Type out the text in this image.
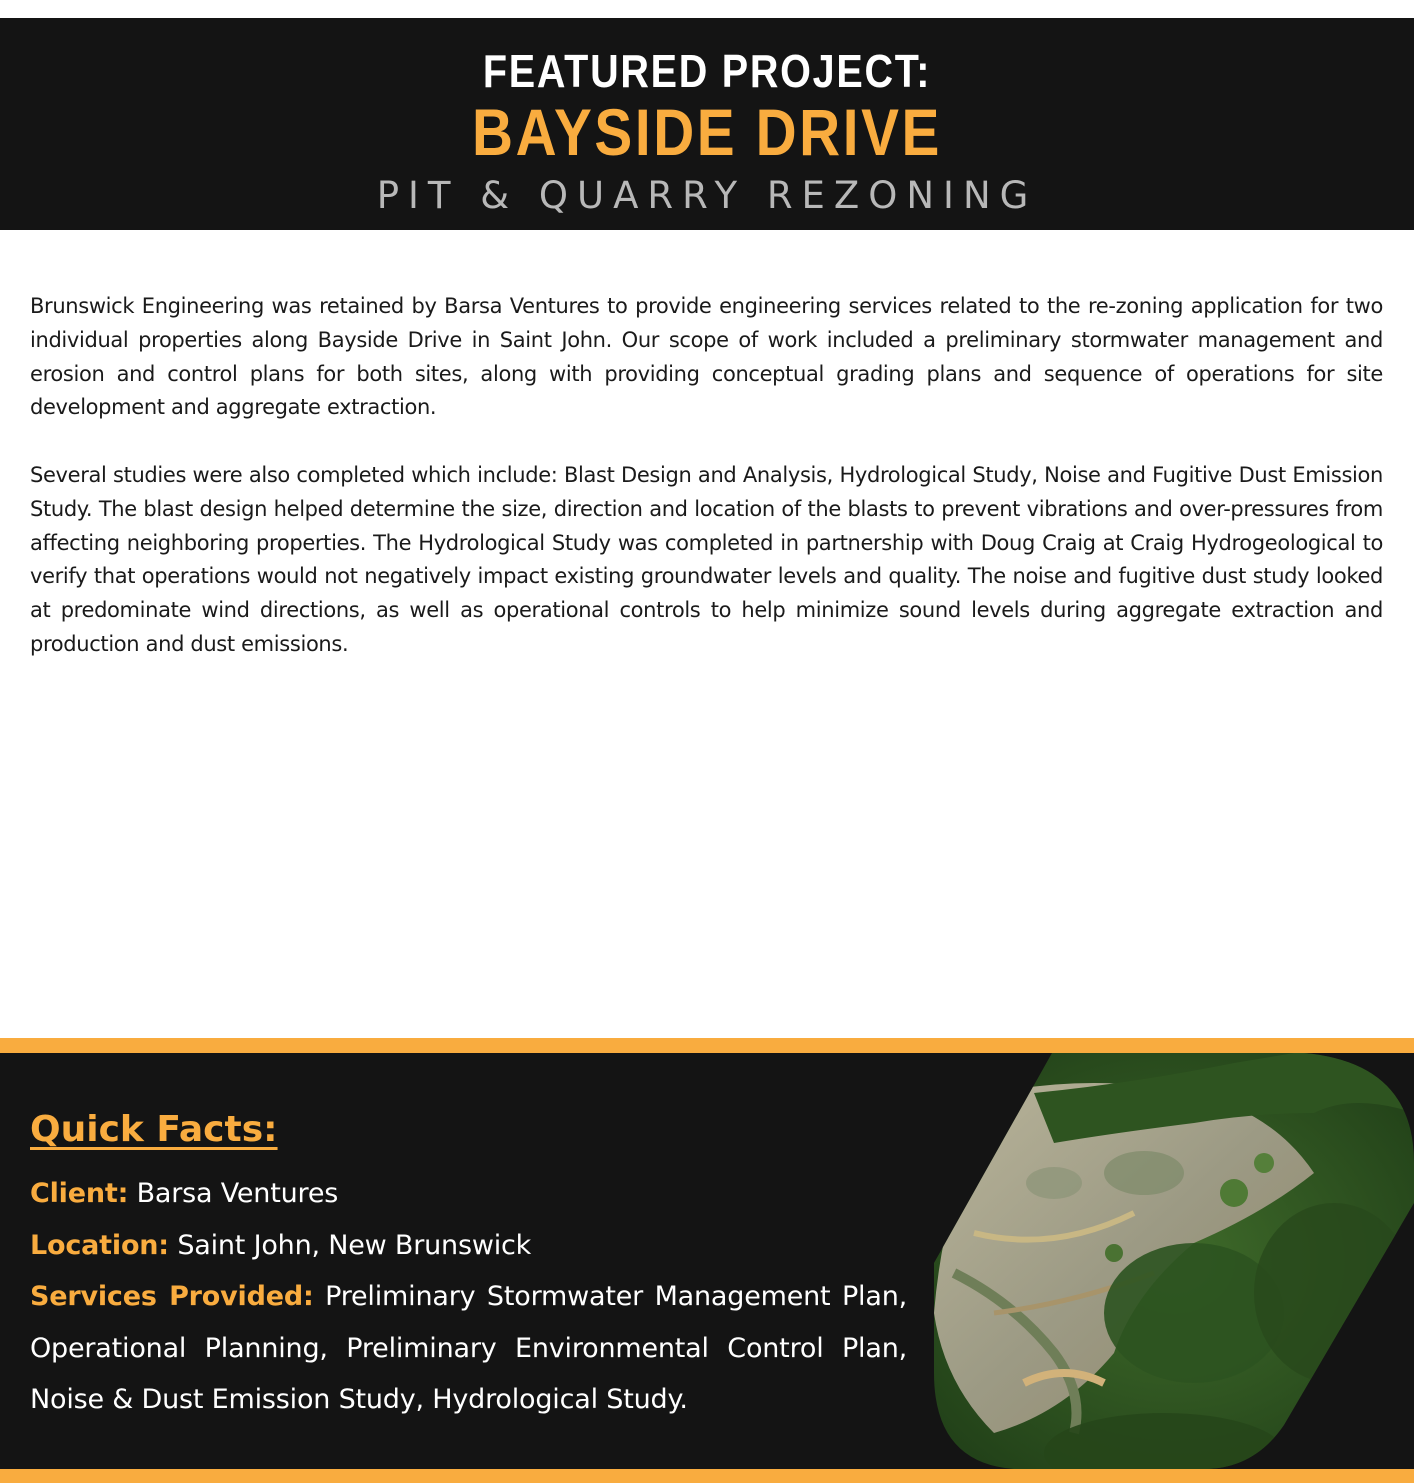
FEATURED PROJECT:
BAYSIDE DRIVE
PIT & QUARRY REZONING

Brunswick Engineering was retained by Barsa Ventures to provide engineering services related to the re-zoning application for two individual properties along Bayside Drive in Saint John. Our scope of work included a preliminary stormwater management and erosion and control plans for both sites, along with providing conceptual grading plans and sequence of operations for site development and aggregate extraction.

Several studies were also completed which include: Blast Design and Analysis, Hydrological Study, Noise and Fugitive Dust Emission Study. The blast design helped determine the size, direction and location of the blasts to prevent vibrations and over-pressures from affecting neighboring properties. The Hydrological Study was completed in partnership with Doug Craig at Craig Hydrogeological to verify that operations would not negatively impact existing groundwater levels and quality. The noise and fugitive dust study looked at predominate wind directions, as well as operational controls to help minimize sound levels during aggregate extraction and production and dust emissions.

Quick Facts:
Client: Barsa Ventures
Location: Saint John, New Brunswick
Services Provided: Preliminary Stormwater Management Plan, Operational Planning, Preliminary Environmental Control Plan, Noise & Dust Emission Study, Hydrological Study.
